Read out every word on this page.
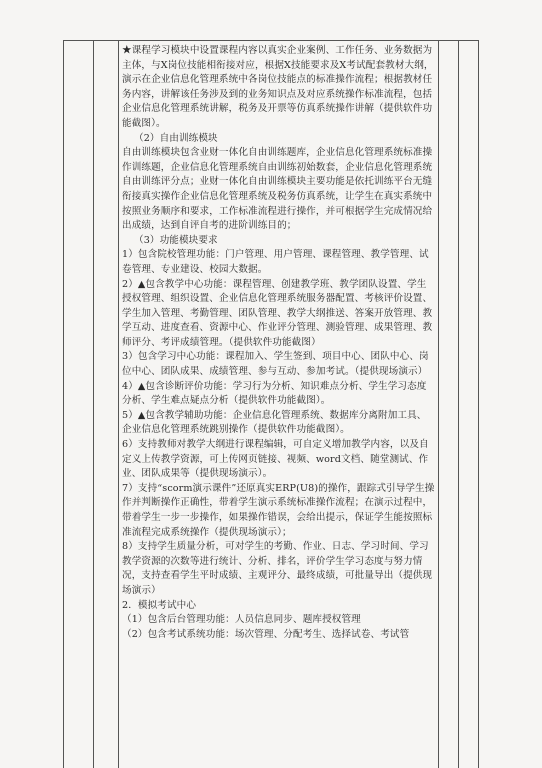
★课程学习模块中设置课程内容以真实企业案例、工作任务、业务数据为主体，与X岗位技能相衔接对应，根据X技能要求及X考试配套教材大纲，演示在企业信息化管理系统中各岗位技能点的标准操作流程；根据教材任务内容，讲解该任务涉及到的业务知识点及对应系统操作标准流程，包括企业信息化管理系统讲解，税务及开票等仿真系统操作讲解（提供软件功能截图）。

（2）自由训练模块

自由训练模块包含业财一体化自由训练题库，企业信息化管理系统标准操作训练题，企业信息化管理系统自由训练初始数套，企业信息化管理系统自由训练评分点；业财一体化自由训练模块主要功能是依托训练平台无缝衔接真实操作企业信息化管理系统及税务仿真系统，让学生在真实系统中按照业务顺序和要求，工作标准流程进行操作，并可根据学生完成情况给出成绩，达到自评自考的进阶训练目的；

（3）功能模块要求

1）包含院校管理功能：门户管理、用户管理、课程管理、教学管理、试卷管理、专业建设、校园大数据。

2）▲包含教学中心功能：课程管理、创建教学班、教学团队设置、学生授权管理、组织设置、企业信息化管理系统服务器配置、考核评价设置、学生加入管理、考勤管理、团队管理、教学大纲推送、答案开放管理、教学互动、进度查看、资源中心、作业评分管理、测验管理、成果管理、教师评分、考评成绩管理。（提供软件功能截图）

3）包含学习中心功能：课程加入、学生签到、项目中心、团队中心、岗位中心、团队成果、成绩管理、参与互动、参加考试。（提供现场演示）

4）▲包含诊断评价功能：学习行为分析、知识难点分析、学生学习态度分析、学生难点疑点分析（提供软件功能截图）。

5）▲包含教学辅助功能：企业信息化管理系统、数据库分离附加工具、企业信息化管理系统跳别操作（提供软件功能截图）。

6）支持教师对教学大纲进行课程编辑，可自定义增加教学内容，以及自定义上传教学资源，可上传网页链接、视频、word文档、随堂测试、作业、团队成果等（提供现场演示）。

7）支持“scorm演示课件”还原真实ERP(U8)的操作，跟踪式引导学生操作并判断操作正确性，带着学生演示系统标准操作流程；在演示过程中，带着学生一步一步操作，如果操作错误，会给出提示，保证学生能按照标准流程完成系统操作（提供现场演示）；

8）支持学生质量分析，可对学生的考勤、作业、日志、学习时间、学习教学资源的次数等进行统计、分析、排名，评价学生学习态度与努力情况，支持查看学生平时成绩、主观评分、最终成绩，可批量导出（提供现场演示）

2．模拟考试中心

（1）包含后台管理功能：人员信息同步、题库授权管理

（2）包含考试系统功能：场次管理、分配考生、选择试卷、考试管
